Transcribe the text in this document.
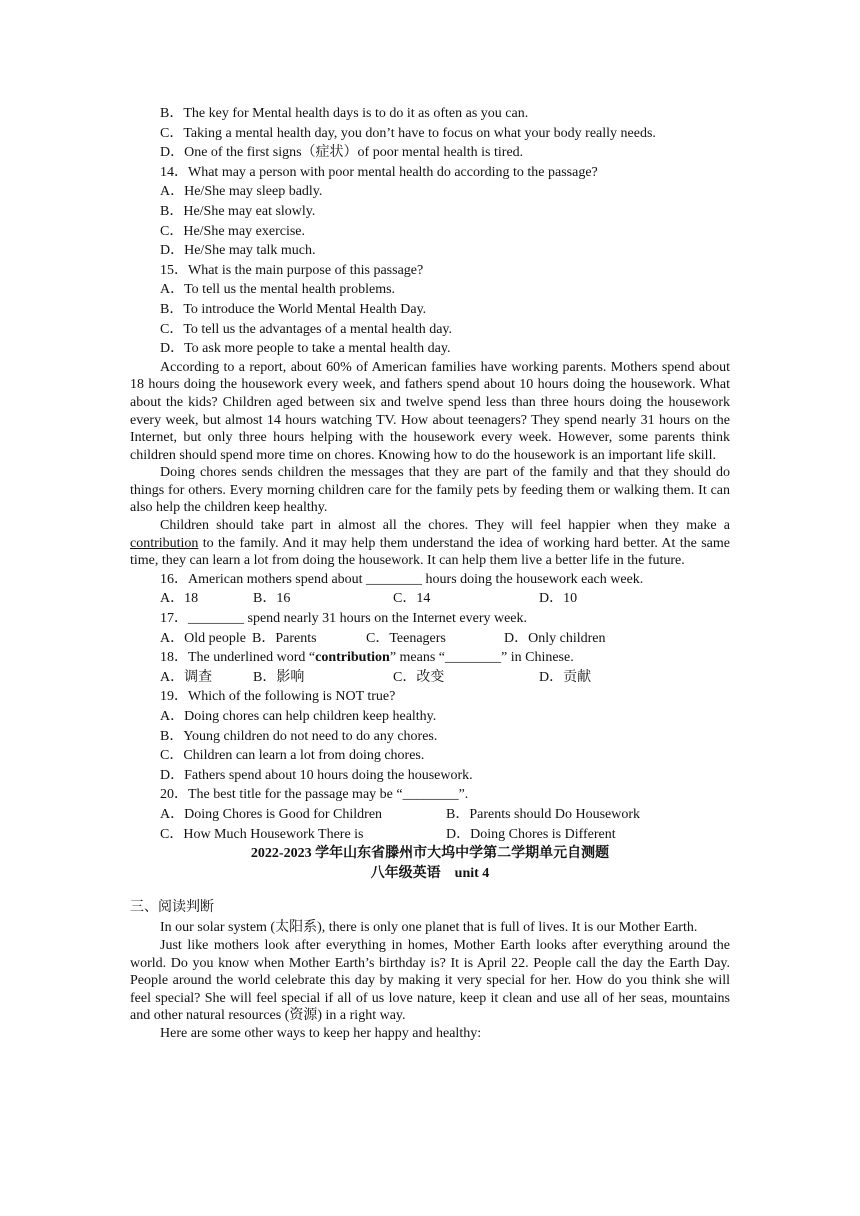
B．The key for Mental health days is to do it as often as you can.
C．Taking a mental health day, you don’t have to focus on what your body really needs.
D．One of the first signs（症状）of poor mental health is tired.
14．What may a person with poor mental health do according to the passage?
A．He/She may sleep badly.
B．He/She may eat slowly.
C．He/She may exercise.
D．He/She may talk much.
15．What is the main purpose of this passage?
A．To tell us the mental health problems.
B．To introduce the World Mental Health Day.
C．To tell us the advantages of a mental health day.
D．To ask more people to take a mental health day.
According to a report, about 60% of American families have working parents. Mothers spend about 18 hours doing the housework every week, and fathers spend about 10 hours doing the housework. What about the kids? Children aged between six and twelve spend less than three hours doing the housework every week, but almost 14 hours watching TV. How about teenagers? They spend nearly 31 hours on the Internet, but only three hours helping with the housework every week. However, some parents think children should spend more time on chores. Knowing how to do the housework is an important life skill.
Doing chores sends children the messages that they are part of the family and that they should do things for others. Every morning children care for the family pets by feeding them or walking them. It can also help the children keep healthy.
Children should take part in almost all the chores. They will feel happier when they make a contribution to the family. And it may help them understand the idea of working hard better. At the same time, they can learn a lot from doing the housework. It can help them live a better life in the future.
16．American mothers spend about ________ hours doing the housework each week.
A．18	B．16	C．14	D．10
17．________ spend nearly 31 hours on the Internet every week.
A．Old people B．Parents	C．Teenagers	D．Only children
18．The underlined word “contribution” means “________” in Chinese.
A．调查	B．影响	C．改变	D．贡献
19．Which of the following is NOT true?
A．Doing chores can help children keep healthy.
B．Young children do not need to do any chores.
C．Children can learn a lot from doing chores.
D．Fathers spend about 10 hours doing the housework.
20．The best title for the passage may be “________”.
A．Doing Chores is Good for Children	B．Parents should Do Housework
C．How Much Housework There is	D．Doing Chores is Different
2022-2023 学年山东省滕州市大坞中学第二学期单元自测题
八年级英语　unit 4
三、阅读判断
In our solar system (太阳系), there is only one planet that is full of lives. It is our Mother Earth.
Just like mothers look after everything in homes, Mother Earth looks after everything around the world. Do you know when Mother Earth’s birthday is? It is April 22. People call the day the Earth Day. People around the world celebrate this day by making it very special for her. How do you think she will feel special? She will feel special if all of us love nature, keep it clean and use all of her seas, mountains and other natural resources (资源) in a right way.
Here are some other ways to keep her happy and healthy:
